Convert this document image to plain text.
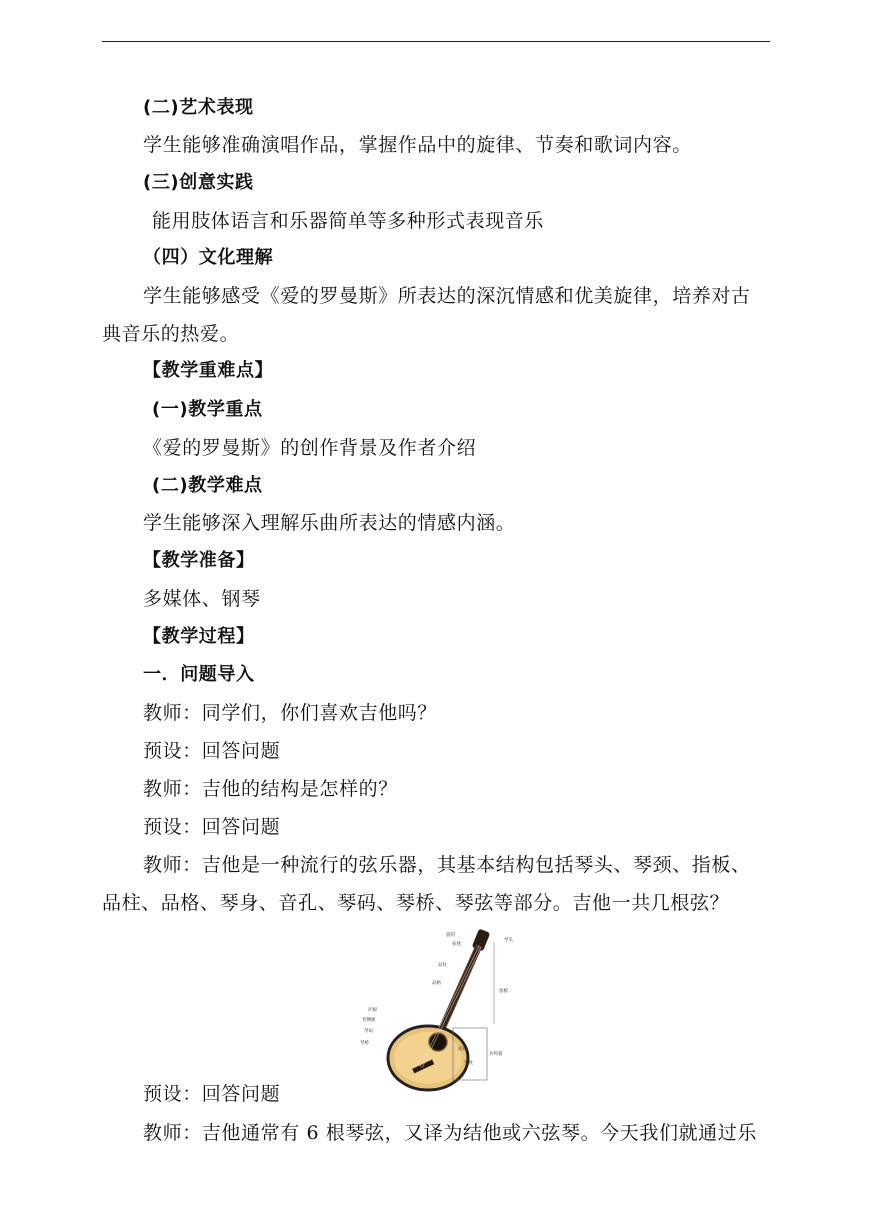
(二)艺术表现
学生能够准确演唱作品，掌握作品中的旋律、节奏和歌词内容。
(三)创意实践
能用肢体语言和乐器简单等多种形式表现音乐
（四）文化理解
学生能够感受《爱的罗曼斯》所表达的深沉情感和优美旋律，培养对古
典音乐的热爱。
【教学重难点】
(一)教学重点
《爱的罗曼斯》的创作背景及作者介绍
(二)教学难点
学生能够深入理解乐曲所表达的情感内涵。
【教学准备】
多媒体、钢琴
【教学过程】
一．问题导入
教师：同学们，你们喜欢吉他吗？
预设：回答问题
教师：吉他的结构是怎样的？
预设：回答问题
教师：吉他是一种流行的弦乐器，其基本结构包括琴头、琴颈、指板、
品柱、品格、琴身、音孔、琴码、琴桥、琴弦等部分。吉他一共几根弦？
旋钮
弦枕
琴头
品柱
品格
指板
护板
背侧板
琴码
琴桥
面板
共鸣箱
琴枕
预设：回答问题
教师：吉他通常有 6 根琴弦，又译为结他或六弦琴。今天我们就通过乐
